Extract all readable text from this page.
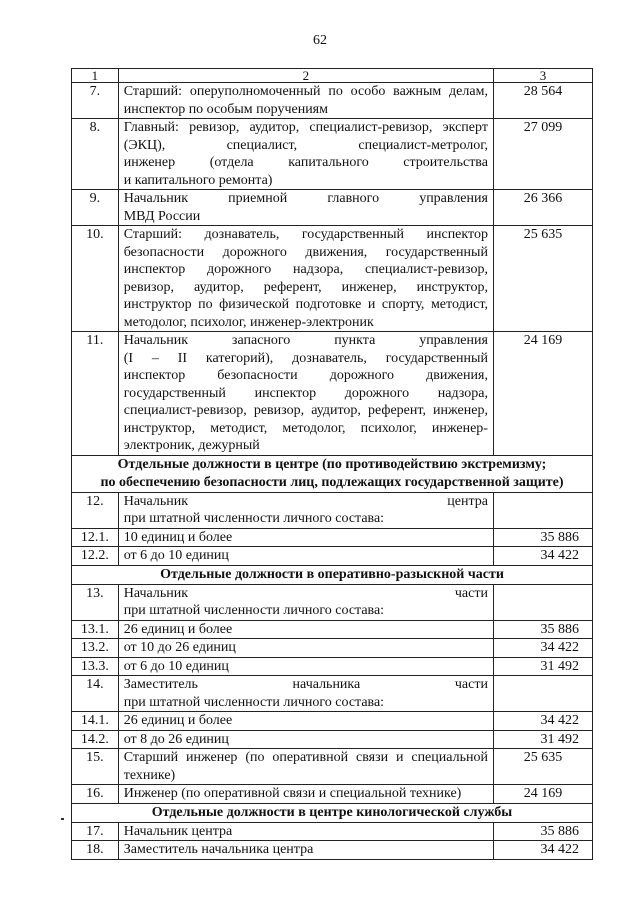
62
1	2	3
7.	Старший: оперуполномоченный по особо важным делам,
инспектор по особым поручениям	28 564
8.	Главный: ревизор, аудитор, специалист-ревизор, эксперт
(ЭКЦ), специалист, специалист-метролог,
инженер (отдела капитального строительства
и капитального ремонта)	27 099
9.	Начальник приемной главного управления
МВД России	26 366
10.	Старший: дознаватель, государственный инспектор
безопасности дорожного движения, государственный
инспектор дорожного надзора, специалист-ревизор,
ревизор, аудитор, референт, инженер, инструктор,
инструктор по физической подготовке и спорту, методист,
методолог, психолог, инженер-электроник
	25 635
11.	Начальник запасного пункта управления
(I – II категорий), дознаватель, государственный
инспектор безопасности дорожного движения,
государственный инспектор дорожного надзора,
специалист-ревизор, ревизор, аудитор, референт, инженер,
инструктор, методист, методолог, психолог, инженер-
электроник, дежурный
	24 169

Отдельные должности в центре (по противодействию экстремизму;
по обеспечению безопасности лиц, подлежащих государственной защите)		

12.	Начальник центра
при штатной численности личного состава:	

12.1.	10 единиц и более	35 886
12.2.	от 6 до 10 единиц	34 422

Отдельные должности в оперативно-разыскной части		

13.	Начальник части
при штатной численности личного состава:	

13.1.	26 единиц и более	35 886
13.2.	от 10 до 26 единиц	34 422
13.3.	от 6 до 10 единиц	31 492
14.	Заместитель начальника части
при штатной численности личного состава:	

14.1.	26 единиц и более	34 422
14.2.	от 8 до 26 единиц	31 492
15.	Старший инженер (по оперативной связи и специальной
технике)	25 635
16.	Инженер (по оперативной связи и специальной технике)	24 169

Отдельные должности в центре кинологической службы		

17.	Начальник центра	35 886
18.	Заместитель начальника центра	34 422
